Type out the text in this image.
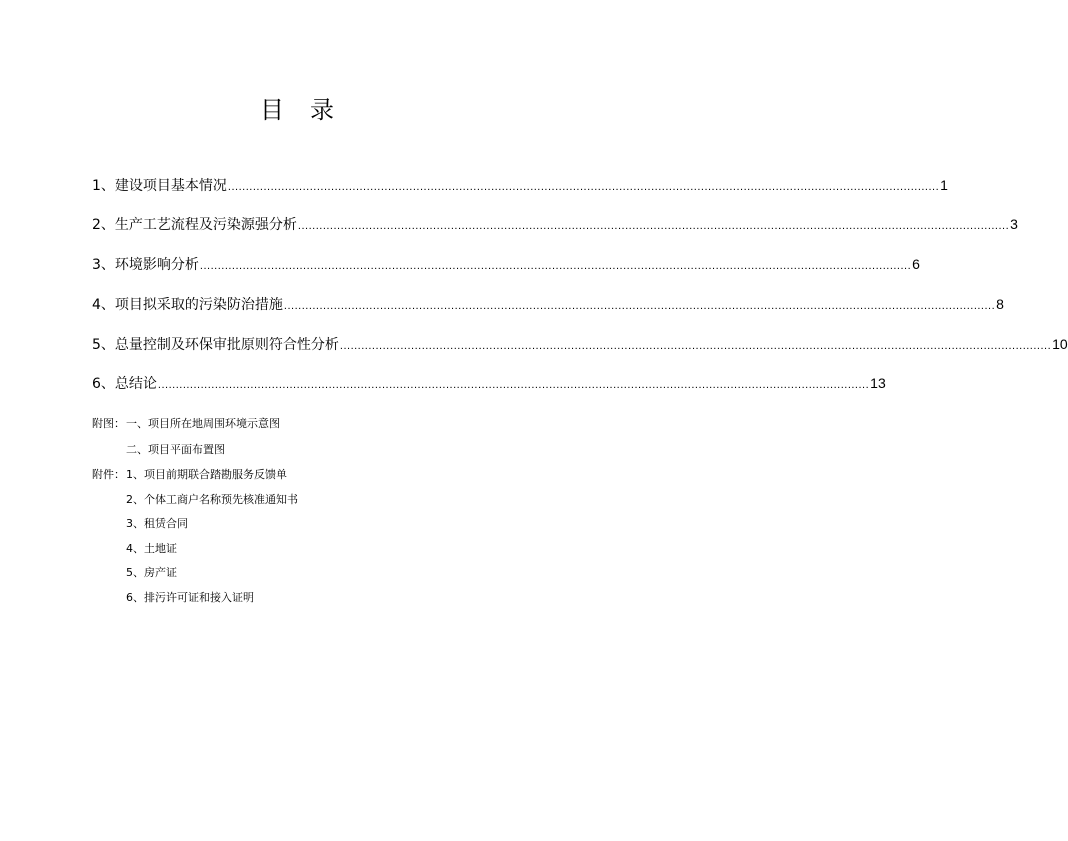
目　录
1、建设项目基本情况 ........................................................................................................................................................................................................ 1
2、生产工艺流程及污染源强分析 ........................................................................................................................................................................................................ 3
3、环境影响分析 ........................................................................................................................................................................................................ 6
4、项目拟采取的污染防治措施 ........................................................................................................................................................................................................ 8
5、总量控制及环保审批原则符合性分析 ........................................................................................................................................................................................................ 10
6、总结论 ........................................................................................................................................................................................................ 13
附图： 一、项目所在地周围环境示意图
二、项目平面布置图
附件： 1、项目前期联合踏勘服务反馈单
2、个体工商户名称预先核准通知书
3、租赁合同
4、土地证
5、房产证
6、排污许可证和接入证明
